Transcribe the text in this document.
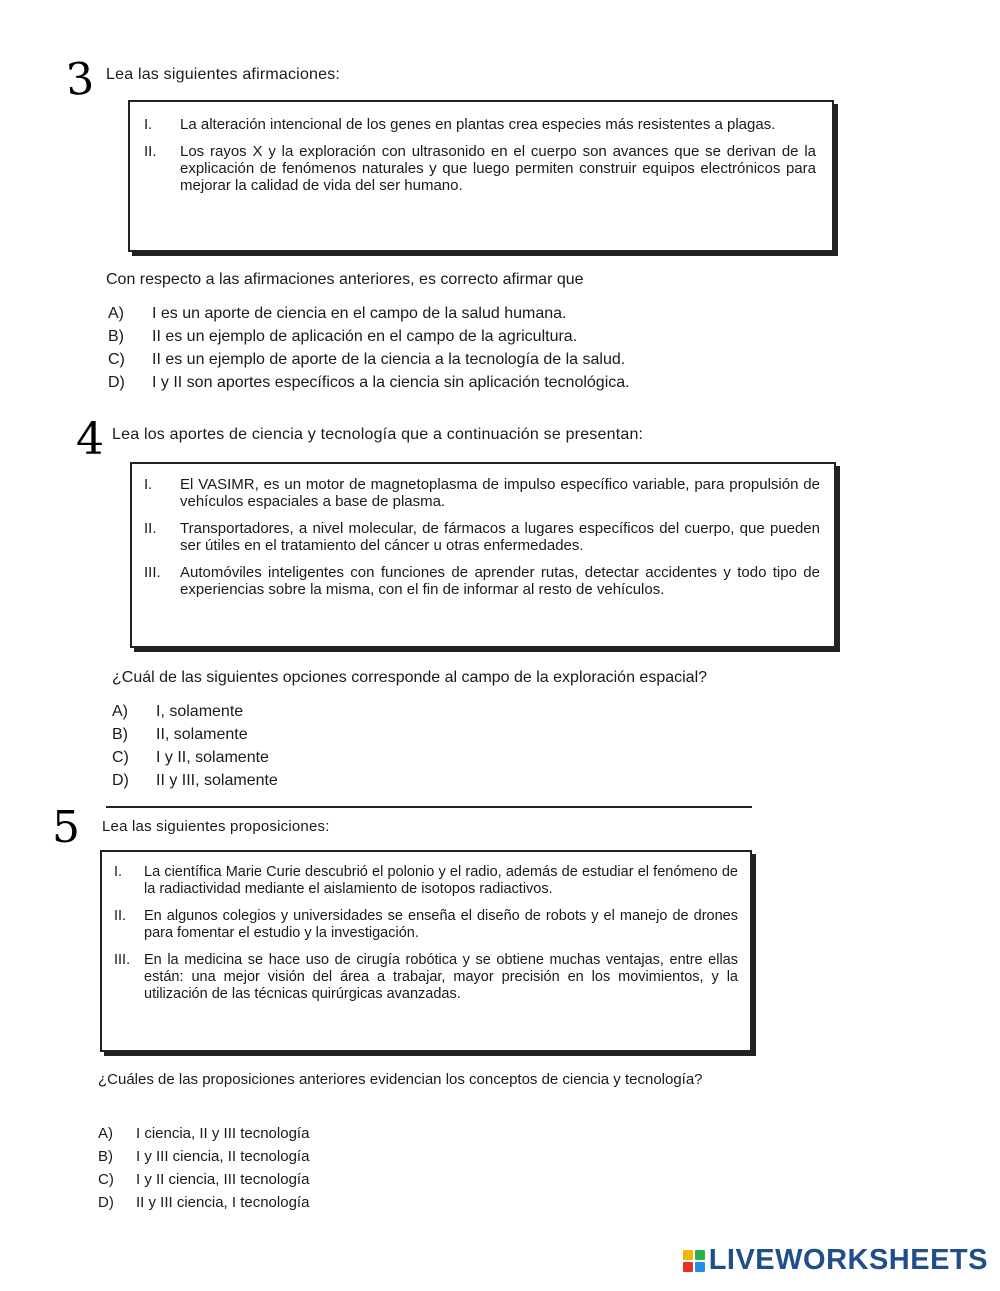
3 Lea las siguientes afirmaciones:
I.	La alteración intencional de los genes en plantas crea especies más resistentes a plagas.
II.	Los rayos X y la exploración con ultrasonido en el cuerpo son avances que se derivan de la explicación de fenómenos naturales y que luego permiten construir equipos electrónicos para mejorar la calidad de vida del ser humano.
Con respecto a las afirmaciones anteriores, es correcto afirmar que
A)	I es un aporte de ciencia en el campo de la salud humana.
B)	II es un ejemplo de aplicación en el campo de la agricultura.
C)	II es un ejemplo de aporte de la ciencia a la tecnología de la salud.
D)	I y II son aportes específicos a la ciencia sin aplicación tecnológica.
4 Lea los aportes de ciencia y tecnología que a continuación se presentan:
I.	El VASIMR, es un motor de magnetoplasma de impulso específico variable, para propulsión de vehículos espaciales a base de plasma.
II.	Transportadores, a nivel molecular, de fármacos a lugares específicos del cuerpo, que pueden ser útiles en el tratamiento del cáncer u otras enfermedades.
III.	Automóviles inteligentes con funciones de aprender rutas, detectar accidentes y todo tipo de experiencias sobre la misma, con el fin de informar al resto de vehículos.
¿Cuál de las siguientes opciones corresponde al campo de la exploración espacial?
A)	I, solamente
B)	II, solamente
C)	I y II, solamente
D)	II y III, solamente
5 Lea las siguientes proposiciones:
I.	La científica Marie Curie descubrió el polonio y el radio, además de estudiar el fenómeno de la radiactividad mediante el aislamiento de isotopos radiactivos.
II.	En algunos colegios y universidades se enseña el diseño de robots y el manejo de drones para fomentar el estudio y la investigación.
III. En la medicina se hace uso de cirugía robótica y se obtiene muchas ventajas, entre ellas están: una mejor visión del área a trabajar, mayor precisión en los movimientos, y la utilización de las técnicas quirúrgicas avanzadas.
¿Cuáles de las proposiciones anteriores evidencian los conceptos de ciencia y tecnología?
A)	I ciencia, II y III tecnología
B)	I y III ciencia, II tecnología
C)	I y II ciencia, III tecnología
D)	II y III ciencia, I tecnología
LIVEWORKSHEETS
